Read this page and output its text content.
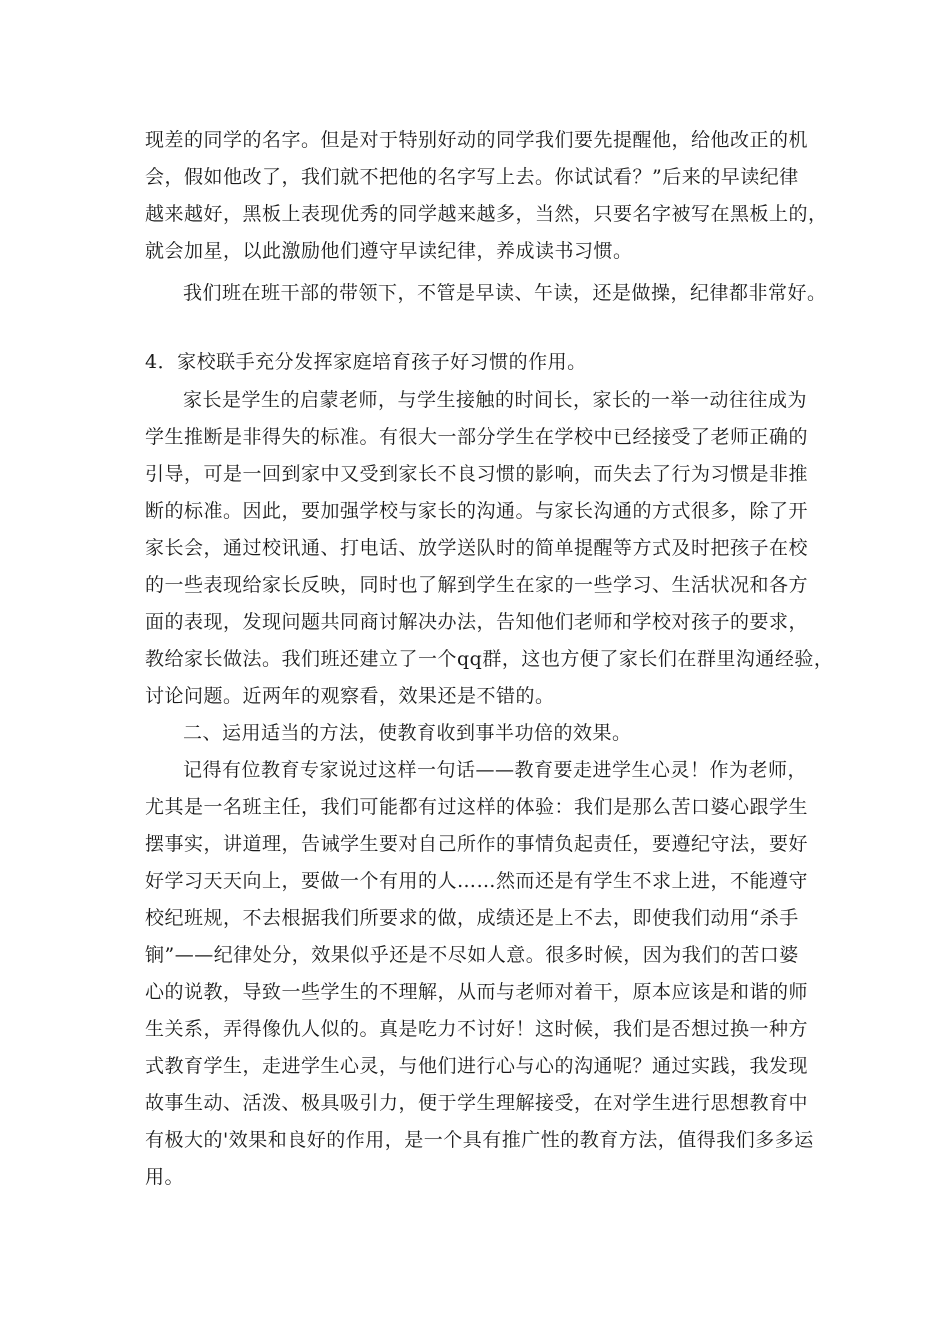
现差的同学的名字。但是对于特别好动的同学我们要先提醒他，给他改正的机
会，假如他改了，我们就不把他的名字写上去。你试试看？”后来的早读纪律
越来越好，黑板上表现优秀的同学越来越多，当然，只要名字被写在黑板上的，
就会加星，以此激励他们遵守早读纪律，养成读书习惯。
我们班在班干部的带领下，不管是早读、午读，还是做操，纪律都非常好。
4．家校联手充分发挥家庭培育孩子好习惯的作用。
家长是学生的启蒙老师，与学生接触的时间长，家长的一举一动往往成为
学生推断是非得失的标准。有很大一部分学生在学校中已经接受了老师正确的
引导，可是一回到家中又受到家长不良习惯的影响，而失去了行为习惯是非推
断的标准。因此，要加强学校与家长的沟通。与家长沟通的方式很多，除了开
家长会，通过校讯通、打电话、放学送队时的简单提醒等方式及时把孩子在校
的一些表现给家长反映，同时也了解到学生在家的一些学习、生活状况和各方
面的表现，发现问题共同商讨解决办法，告知他们老师和学校对孩子的要求，
教给家长做法。我们班还建立了一个qq群，这也方便了家长们在群里沟通经验，
讨论问题。近两年的观察看，效果还是不错的。
二、运用适当的方法，使教育收到事半功倍的效果。
记得有位教育专家说过这样一句话——教育要走进学生心灵！作为老师，
尤其是一名班主任，我们可能都有过这样的体验：我们是那么苦口婆心跟学生
摆事实，讲道理，告诫学生要对自己所作的事情负起责任，要遵纪守法，要好
好学习天天向上，要做一个有用的人……然而还是有学生不求上进，不能遵守
校纪班规，不去根据我们所要求的做，成绩还是上不去，即使我们动用“杀手
锏”——纪律处分，效果似乎还是不尽如人意。很多时候，因为我们的苦口婆
心的说教，导致一些学生的不理解，从而与老师对着干，原本应该是和谐的师
生关系，弄得像仇人似的。真是吃力不讨好！这时候，我们是否想过换一种方
式教育学生，走进学生心灵，与他们进行心与心的沟通呢？通过实践，我发现
故事生动、活泼、极具吸引力，便于学生理解接受，在对学生进行思想教育中
有极大的'效果和良好的作用，是一个具有推广性的教育方法，值得我们多多运
用。
